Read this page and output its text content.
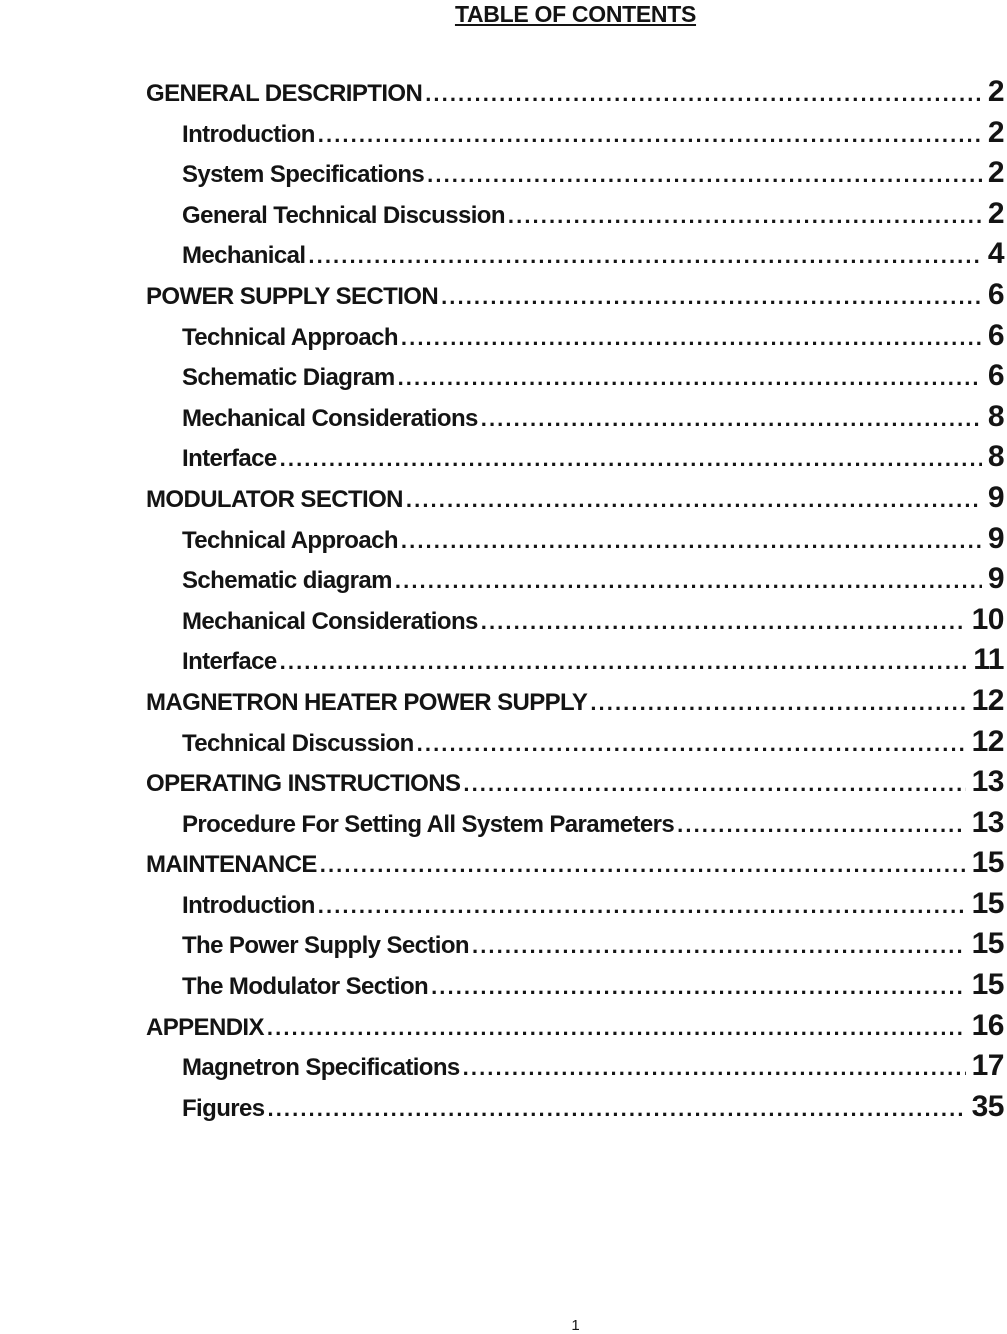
TABLE OF CONTENTS
GENERAL DESCRIPTION .....	2
Introduction .....	2
System Specifications .....	2
General Technical Discussion .....	2
Mechanical .....	4
POWER SUPPLY SECTION .....	6
Technical Approach .....	6
Schematic Diagram .....	6
Mechanical Considerations .....	8
Interface .....	8
MODULATOR SECTION .....	9
Technical Approach .....	9
Schematic diagram .....	9
Mechanical Considerations .....	10
Interface .....	11
MAGNETRON HEATER POWER SUPPLY .....	12
Technical Discussion .....	12
OPERATING INSTRUCTIONS .....	13
Procedure For Setting All System Parameters .....	13
MAINTENANCE .....	15
Introduction .....	15
The Power Supply Section .....	15
The Modulator Section .....	15
APPENDIX .....	16
Magnetron Specifications .....	17
Figures .....	35
1
